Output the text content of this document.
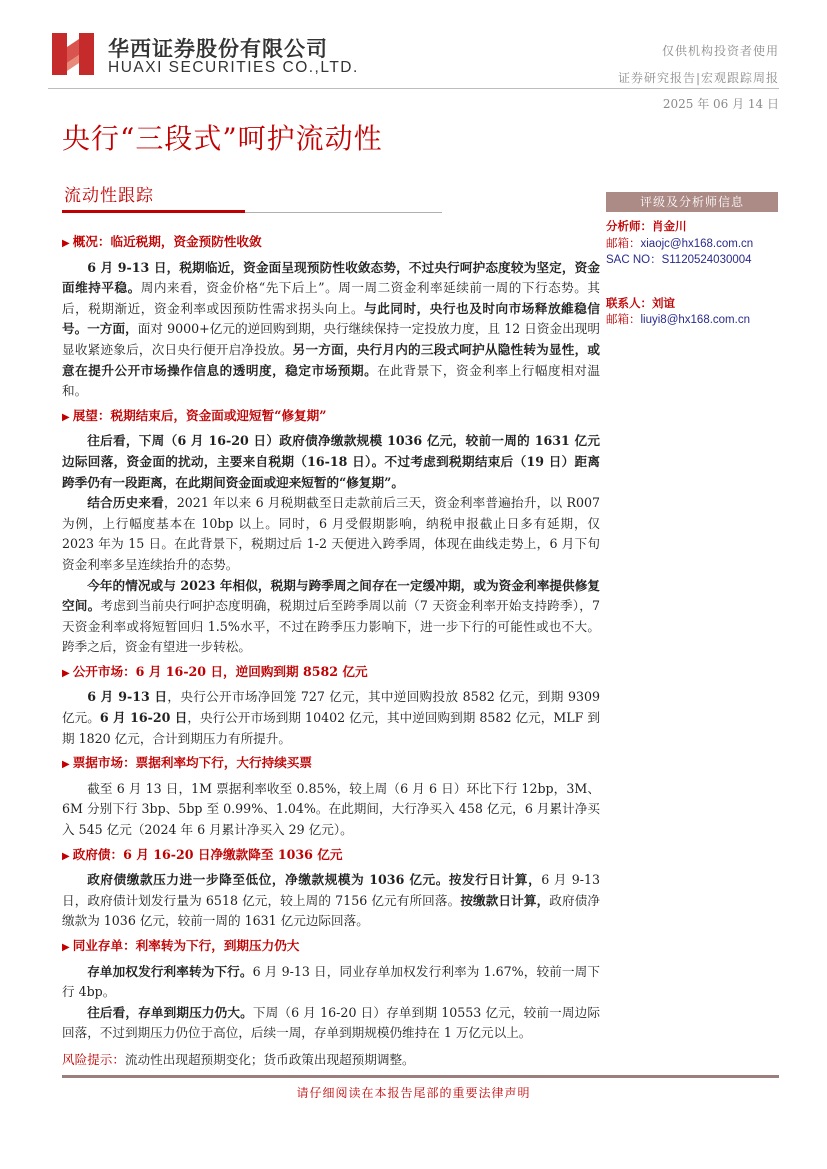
华西证券股份有限公司
HUAXI SECURITIES CO.,LTD.
仅供机构投资者使用
证券研究报告|宏观跟踪周报
2025 年 06 月 14 日
央行“三段式”呵护流动性
流动性跟踪
▶ 概况：临近税期，资金预防性收敛

6 月 9-13 日，税期临近，资金面呈现预防性收敛态势，不过央行呵护态度较为坚定，资金面维持平稳。周内来看，资金价格“先下后上”。周一周二资金利率延续前一周的下行态势。其后，税期渐近，资金利率或因预防性需求拐头向上。与此同时，央行也及时向市场释放維稳信号。一方面，面对 9000+亿元的逆回购到期，央行继续保持一定投放力度，且 12 日资金出现明显收紧迹象后，次日央行便开启净投放。另一方面，央行月内的三段式呵护从隐性转为显性，或意在提升公开市场操作信息的透明度，稳定市场预期。在此背景下，资金利率上行幅度相对温和。

▶ 展望：税期结束后，资金面或迎短暂“修复期”

往后看，下周（6 月 16-20 日）政府债净缴款规模 1036 亿元，较前一周的 1631 亿元边际回落，资金面的扰动，主要来自税期（16-18 日）。不过考虑到税期结束后（19 日）距离跨季仍有一段距离，在此期间资金面或迎来短暂的“修复期”。

结合历史来看，2021 年以来 6 月税期截至日走款前后三天，资金利率普遍抬升，以 R007 为例，上行幅度基本在 10bp 以上。同时，6 月受假期影响，纳税申报截止日多有延期，仅 2023 年为 15 日。在此背景下，税期过后 1-2 天便进入跨季周，体现在曲线走势上，6 月下旬资金利率多呈连续抬升的态势。

今年的情况或与 2023 年相似，税期与跨季周之间存在一定缓冲期，或为资金利率提供修复空间。考虑到当前央行呵护态度明确，税期过后至跨季周以前（7 天资金利率开始支持跨季），7 天资金利率或将短暂回归 1.5%水平，不过在跨季压力影响下，进一步下行的可能性或也不大。跨季之后，资金有望进一步转松。

▶ 公开市场：6 月 16-20 日，逆回购到期 8582 亿元

6 月 9-13 日，央行公开市场净回笼 727 亿元，其中逆回购投放 8582 亿元，到期 9309 亿元。6 月 16-20 日，央行公开市场到期 10402 亿元，其中逆回购到期 8582 亿元，MLF 到期 1820 亿元，合计到期压力有所提升。

▶ 票据市场：票据利率均下行，大行持续买票

截至 6 月 13 日，1M 票据利率收至 0.85%，较上周（6 月 6 日）环比下行 12bp，3M、6M 分别下行 3bp、5bp 至 0.99%、1.04%。在此期间，大行净买入 458 亿元，6 月累计净买入 545 亿元（2024 年 6 月累计净买入 29 亿元）。

▶ 政府债：6 月 16-20 日净缴款降至 1036 亿元

政府债缴款压力进一步降至低位，净缴款规模为 1036 亿元。按发行日计算，6 月 9-13 日，政府债计划发行量为 6518 亿元，较上周的 7156 亿元有所回落。按缴款日计算，政府债净缴款为 1036 亿元，较前一周的 1631 亿元边际回落。

▶ 同业存单：利率转为下行，到期压力仍大

存单加权发行利率转为下行。6 月 9-13 日，同业存单加权发行利率为 1.67%，较前一周下行 4bp。

往后看，存单到期压力仍大。下周（6 月 16-20 日）存单到期 10553 亿元，较前一周边际回落，不过到期压力仍位于高位，后续一周，存单到期规模仍维持在 1 万亿元以上。

风险提示：流动性出现超预期变化；货币政策出现超预期调整。

评级及分析师信息
分析师：肖金川
邮箱：xiaojc@hx168.com.cn
SAC NO：S1120524030004
联系人：刘谊
邮箱：liuyi8@hx168.com.cn
请仔细阅读在本报告尾部的重要法律声明
